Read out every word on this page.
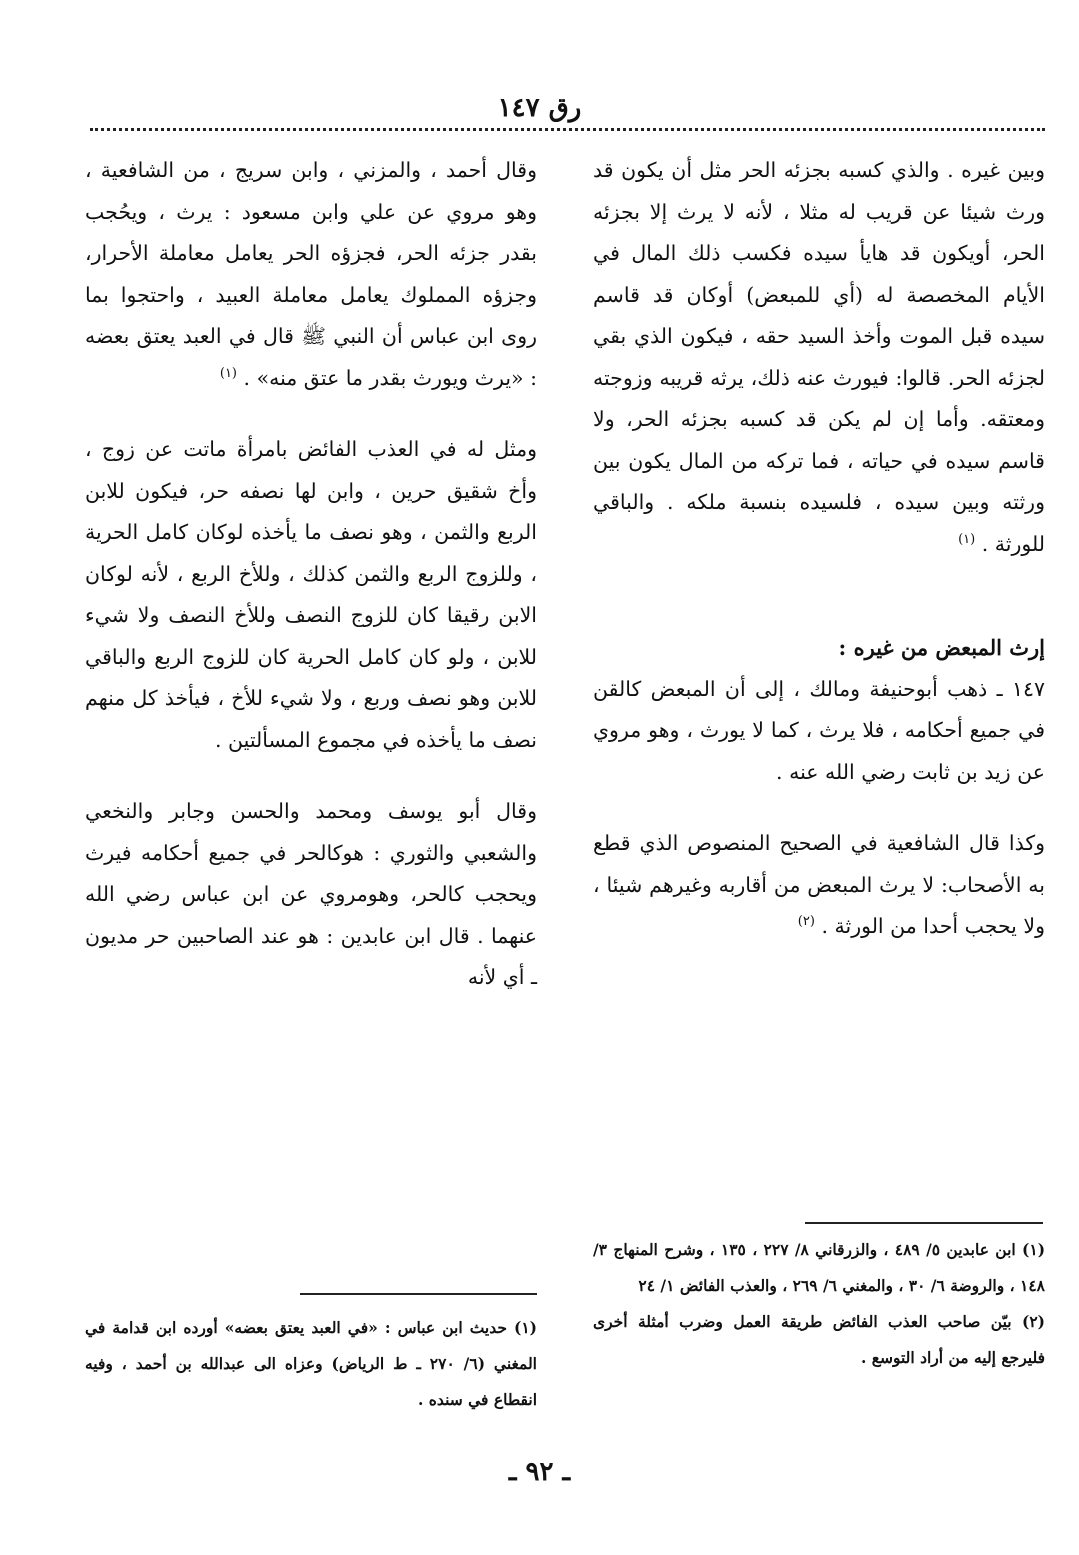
رق ١٤٧

وبين غيره . والذي كسبه بجزئه الحر مثل أن يكون قد ورث شيئا عن قريب له مثلا ، لأنه لا يرث إلا بجزئه الحر، أويكون قد هايأ سيده فكسب ذلك المال في الأيام المخصصة له (أي للمبعض) أوكان قد قاسم سيده قبل الموت وأخذ السيد حقه ، فيكون الذي بقي لجزئه الحر. قالوا: فيورث عنه ذلك، يرثه قريبه وزوجته ومعتقه. وأما إن لم يكن قد كسبه بجزئه الحر، ولا قاسم سيده في حياته ، فما تركه من المال يكون بين ورثته وبين سيده ، فلسيده بنسبة ملكه . والباقي للورثة . $^{(١)}$

إرث المبعض من غيره :

١٤٧ ـ ذهب أبوحنيفة ومالك ، إلى أن المبعض كالقن في جميع أحكامه ، فلا يرث ، كما لا يورث ، وهو مروي عن زيد بن ثابت رضي الله عنه .

وكذا قال الشافعية في الصحيح المنصوص الذي قطع به الأصحاب: لا يرث المبعض من أقاربه وغيرهم شيئا ، ولا يحجب أحدا من الورثة . $^{(٢)}$

وقال أحمد ، والمزني ، وابن سريج ، من الشافعية ، وهو مروي عن علي وابن مسعود : يرث ، ويحُجب بقدر جزئه الحر، فجزؤه الحر يعامل معاملة الأحرار، وجزؤه المملوك يعامل معاملة العبيد ، واحتجوا بما روى ابن عباس أن النبي ﷺ قال في العبد يعتق بعضه : «يرث ويورث بقدر ما عتق منه» . $^{(١)}$

ومثل له في العذب الفائض بامرأة ماتت عن زوج ، وأخ شقيق حرين ، وابن لها نصفه حر، فيكون للابن الربع والثمن ، وهو نصف ما يأخذه لوكان كامل الحرية ، وللزوج الربع والثمن كذلك ، وللأخ الربع ، لأنه لوكان الابن رقيقا كان للزوج النصف وللأخ النصف ولا شيء للابن ، ولو كان كامل الحرية كان للزوج الربع والباقي للابن وهو نصف وربع ، ولا شيء للأخ ، فيأخذ كل منهم نصف ما يأخذه في مجموع المسألتين .

وقال أبو يوسف ومحمد والحسن وجابر والنخعي والشعبي والثوري : هوكالحر في جميع أحكامه فيرث ويحجب كالحر، وهومروي عن ابن عباس رضي الله عنهما . قال ابن عابدين : هو عند الصاحبين حر مديون ـ أي لأنه

(١) ابن عابدين ٥/ ٤٨٩ ، والزرقاني ٨/ ٢٢٧ ، ١٣٥ ، وشرح المنهاج ٣/ ١٤٨ ، والروضة ٦/ ٣٠ ، والمغني ٦/ ٢٦٩ ، والعذب الفائض ١/ ٢٤

(٢) بيّن صاحب العذب الفائض طريقة العمل وضرب أمثلة أخرى فليرجع إليه من أراد التوسع .

(١) حديث ابن عباس : «في العبد يعتق بعضه» أورده ابن قدامة في المغني (٦/ ٢٧٠ ـ ط الرياض) وعزاه الى عبدالله بن أحمد ، وفيه انقطاع في سنده .

ـ ٩٢ ـ
